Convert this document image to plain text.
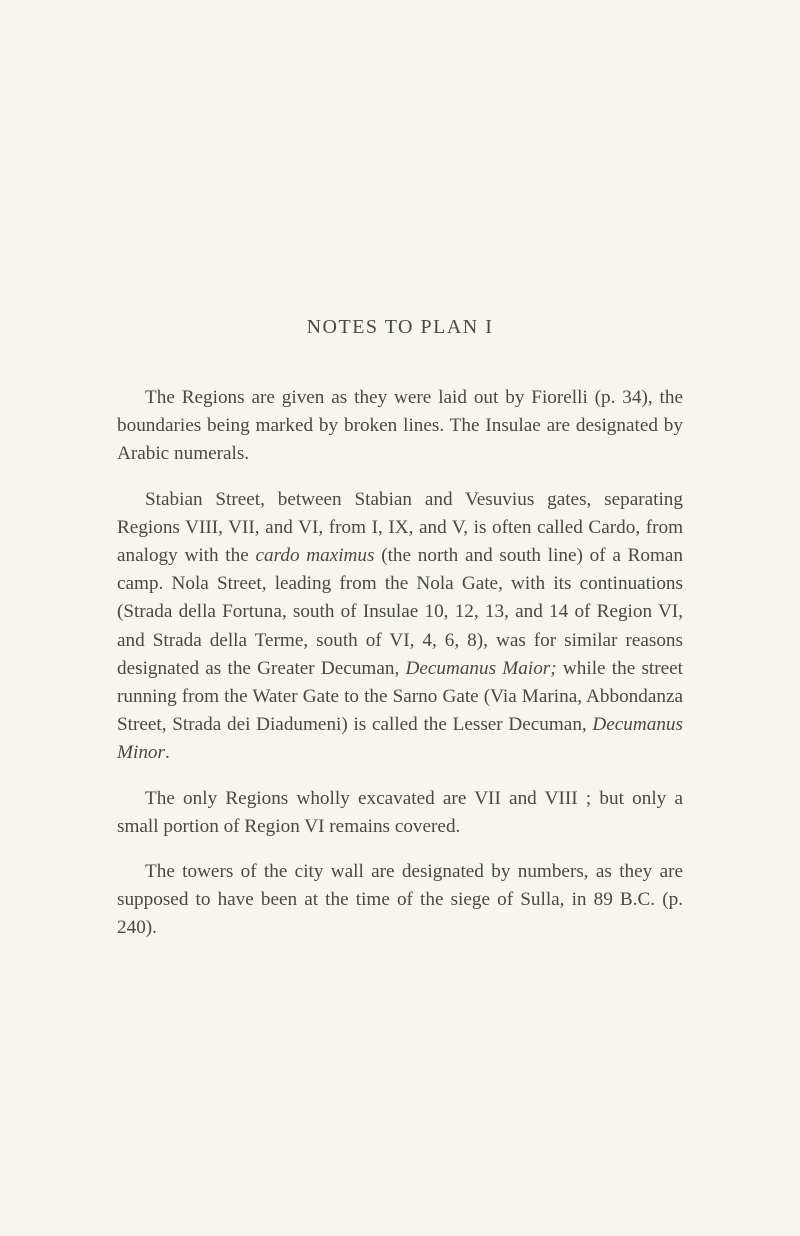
NOTES TO PLAN I

The Regions are given as they were laid out by Fiorelli (p. 34), the boundaries being marked by broken lines. The Insulae are designated by Arabic numerals.

Stabian Street, between Stabian and Vesuvius gates, separating Regions VIII, VII, and VI, from I, IX, and V, is often called Cardo, from analogy with the cardo maximus (the north and south line) of a Roman camp. Nola Street, leading from the Nola Gate, with its continuations (Strada della Fortuna, south of Insulae 10, 12, 13, and 14 of Region VI, and Strada della Terme, south of VI, 4, 6, 8), was for similar reasons designated as the Greater Decuman, Decumanus Maior; while the street running from the Water Gate to the Sarno Gate (Via Marina, Abbondanza Street, Strada dei Diadumeni) is called the Lesser Decuman, Decumanus Minor.

The only Regions wholly excavated are VII and VIII ; but only a small portion of Region VI remains covered.

The towers of the city wall are designated by numbers, as they are supposed to have been at the time of the siege of Sulla, in 89 B.C. (p. 240).
